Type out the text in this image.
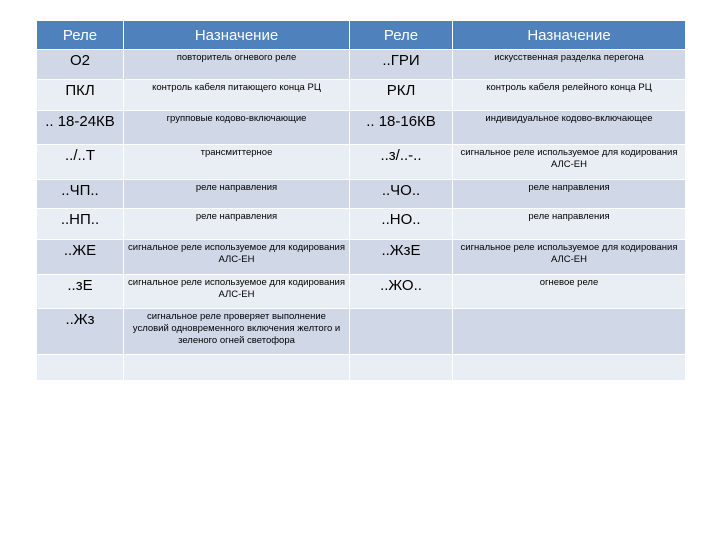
Реле	Назначение	Реле	Назначение
O2	повторитель огневого реле	..ГРИ	искусственная разделка перегона
ПКЛ	контроль кабеля питающего конца РЦ	РКЛ	контроль кабеля релейного конца РЦ
.. 18-24КВ	групповые кодово-включающие	.. 18-16КВ	индивидуальное кодово-включающее
../..Т	трансмиттерное	..з/..-..	сигнальное реле используемое для кодирования АЛС-ЕН
..ЧП..	реле направления	..ЧО..	реле направления
..НП..	реле направления	..НО..	реле направления
..ЖЕ	сигнальное реле используемое для кодирования АЛС-ЕН	..ЖзЕ	сигнальное реле используемое для кодирования АЛС-ЕН
..зЕ	сигнальное реле используемое для кодирования АЛС-ЕН	..ЖО..	огневое реле
..Жз	сигнальное реле проверяет выполнение условий одновременного включения желтого и зеленого огней светофора		
